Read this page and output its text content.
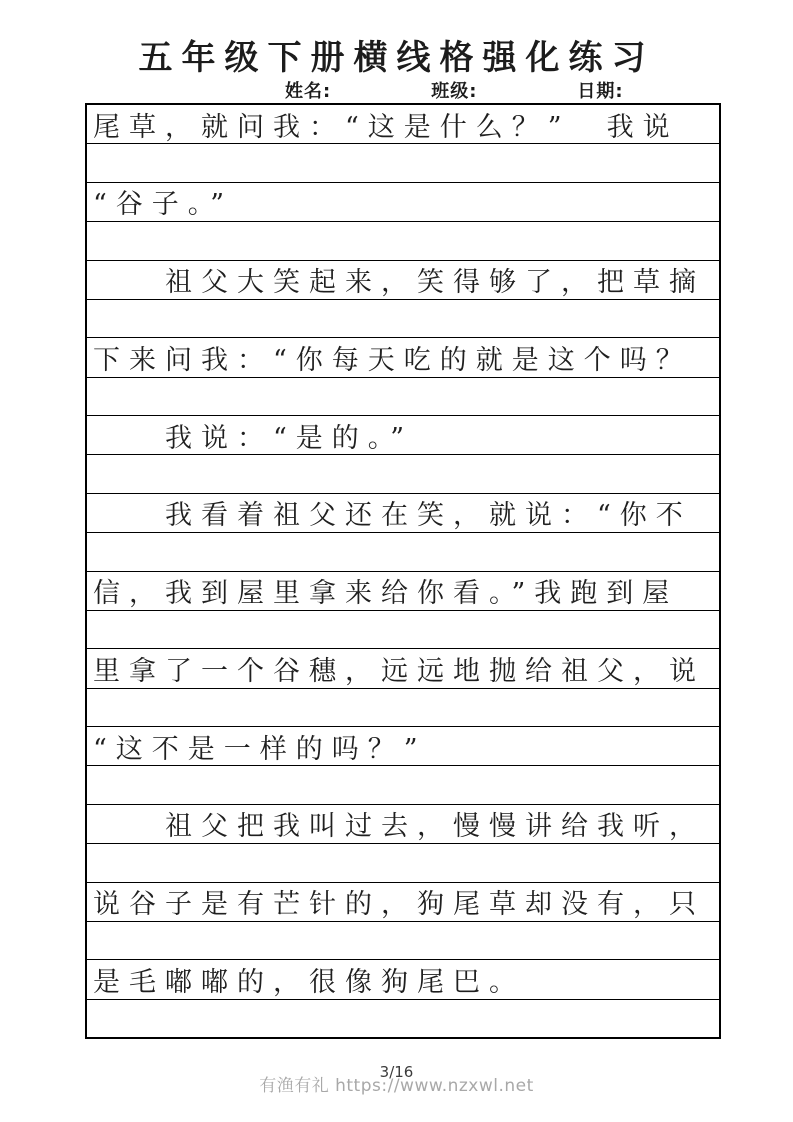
五年级下册横线格强化练习
姓名:	班级:	日期:
尾草，就问我：“这是什么？”　我说
“谷子。”
　　祖父大笑起来，笑得够了，把草摘
下来问我：“你每天吃的就是这个吗？
　　我说：“是的。”
　　我看着祖父还在笑，就说：“你不
信，我到屋里拿来给你看。”我跑到屋
里拿了一个谷穗，远远地抛给祖父，说
“这不是一样的吗？”
　　祖父把我叫过去，慢慢讲给我听，
说谷子是有芒针的，狗尾草却没有，只
是毛嘟嘟的，很像狗尾巴。
3/16
有渔有礼 https://www.nzxwl.net
